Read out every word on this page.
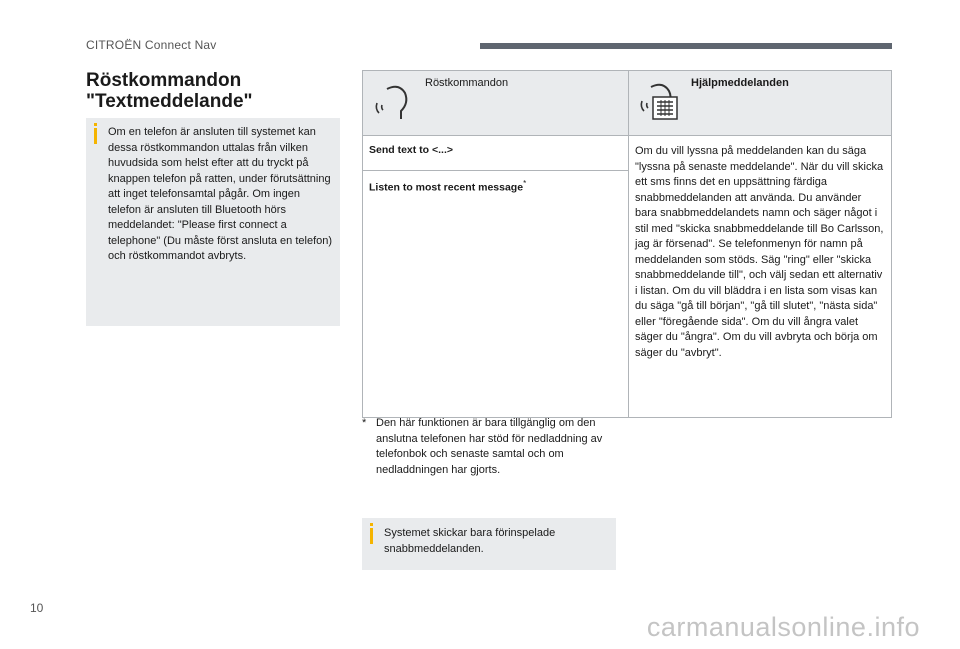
CITROËN Connect Nav
Röstkommandon
"Textmeddelande"
Om en telefon är ansluten till systemet kan dessa röstkommandon uttalas från vilken huvudsida som helst efter att du tryckt på knappen telefon på ratten, under förutsättning att inget telefonsamtal pågår. Om ingen telefon är ansluten till Bluetooth hörs meddelandet: "Please first connect a telephone" (Du måste först ansluta en telefon) och röstkommandot avbryts.
Röstkommandon	Hjälpmeddelanden

Send text to <...>	Om du vill lyssna på meddelanden kan du säga "lyssna på senaste meddelande". När du vill skicka ett sms finns det en uppsättning färdiga snabbmeddelanden att använda. Du använder bara snabbmeddelandets namn och säger något i stil med "skicka snabbmeddelande till Bo Carlsson, jag är försenad". Se telefonmenyn för namn på meddelanden som stöds. Säg "ring" eller "skicka snabbmeddelande till", och välj sedan ett alternativ i listan. Om du vill bläddra i en lista som visas kan du säga "gå till början", "gå till slutet", "nästa sida" eller "föregående sida". Om du vill ångra valet säger du "ångra". Om du vill avbryta och börja om säger du "avbryt".
Listen to most recent message*
* Den här funktionen är bara tillgänglig om den anslutna telefonen har stöd för nedladdning av telefonbok och senaste samtal och om nedladdningen har gjorts.
Systemet skickar bara förinspelade snabbmeddelanden.
10
carmanualsonline.info
